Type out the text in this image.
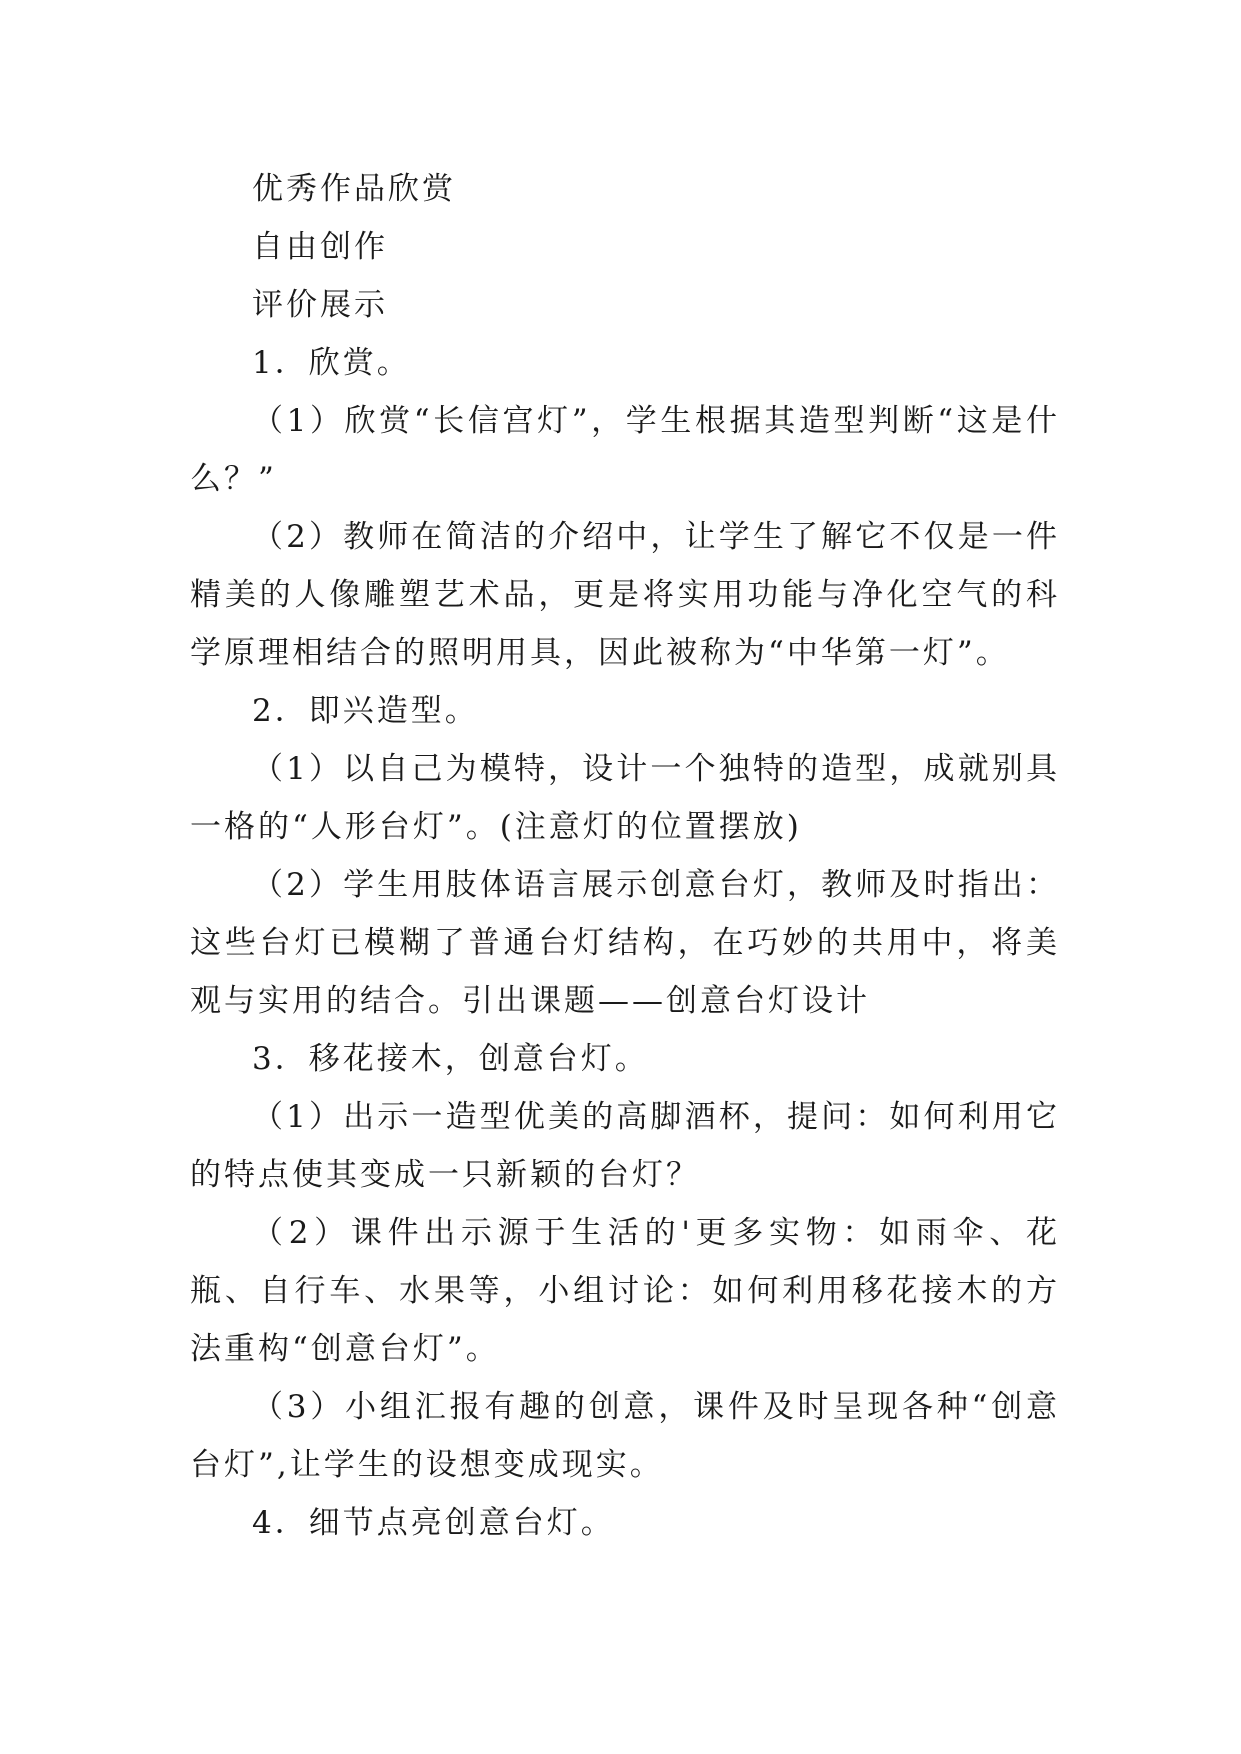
优秀作品欣赏

自由创作

评价展示

1．欣赏。

（1）欣赏“长信宫灯”，学生根据其造型判断“这是什么？”

（2）教师在简洁的介绍中，让学生了解它不仅是一件精美的人像雕塑艺术品，更是将实用功能与净化空气的科学原理相结合的照明用具，因此被称为“中华第一灯”。

2．即兴造型。

（1）以自己为模特，设计一个独特的造型，成就别具一格的“人形台灯”。(注意灯的位置摆放)

（2）学生用肢体语言展示创意台灯，教师及时指出：这些台灯已模糊了普通台灯结构，在巧妙的共用中，将美观与实用的结合。引出课题——创意台灯设计

3．移花接木，创意台灯。

（1）出示一造型优美的高脚酒杯，提问：如何利用它的特点使其变成一只新颖的台灯？

（2）课件出示源于生活的'更多实物：如雨伞、花瓶、自行车、水果等，小组讨论：如何利用移花接木的方法重构“创意台灯”。

（3）小组汇报有趣的创意，课件及时呈现各种“创意台灯”,让学生的设想变成现实。

4．细节点亮创意台灯。
